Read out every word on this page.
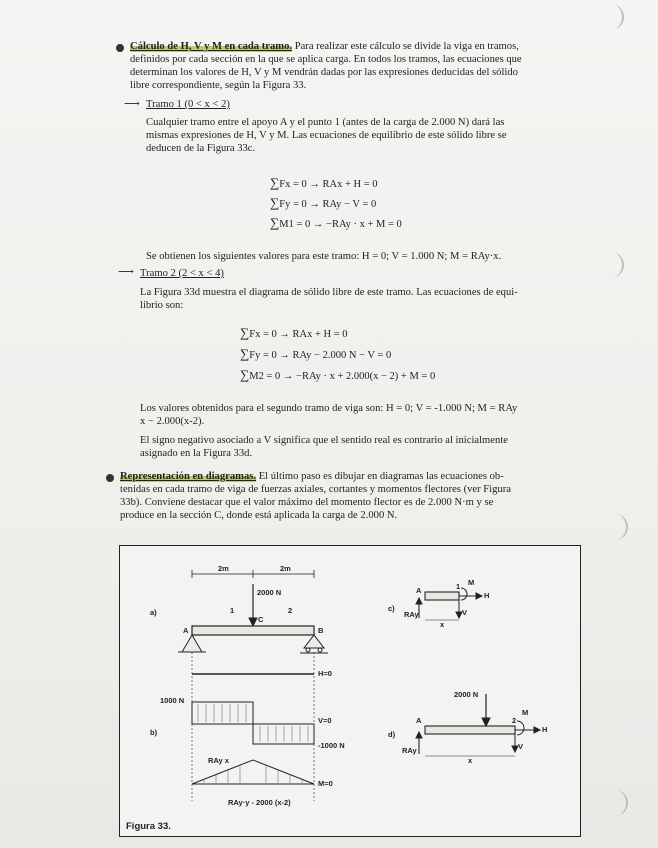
Cálculo de H, V y M en cada tramo. Para realizar este cálculo se divide la viga en tramos,
definidos por cada sección en la que se aplica carga. En todos los tramos, las ecuaciones que
determinan los valores de H, V y M vendrán dadas por las expresiones deducidas del sólido
libre correspondiente, según la Figura 33.
⟶ Tramo 1 (0 < x < 2)
Cualquier tramo entre el apoyo A y el punto 1 (antes de la carga de 2.000 N) dará las
mismas expresiones de H, V y M. Las ecuaciones de equilibrio de este sólido libre se
deducen de la Figura 33c.
∑Fx = 0 → RAx + H = 0
∑Fy = 0 → RAy − V = 0
∑M1 = 0 → −RAy · x + M = 0
Se obtienen los siguientes valores para este tramo: H = 0; V = 1.000 N; M = RAy·x.
⟶ Tramo 2 (2 < x < 4)
La Figura 33d muestra el diagrama de sólido libre de este tramo. Las ecuaciones de equi-
librio son:
∑Fx = 0 → RAx + H = 0
∑Fy = 0 → RAy − 2.000 N − V = 0
∑M2 = 0 → −RAy · x + 2.000(x − 2) + M = 0
Los valores obtenidos para el segundo tramo de viga son: H = 0; V = -1.000 N; M = RAy
x − 2.000(x-2).
El signo negativo asociado a V significa que el sentido real es contrario al inicialmente
asignado en la Figura 33d.
Representación en diagramas. El último paso es dibujar en diagramas las ecuaciones ob-
tenidas en cada tramo de viga de fuerzas axiales, cortantes y momentos flectores (ver Figura
33b). Conviene destacar que el valor máximo del momento flector es de 2.000 N·m y se
produce en la sección C, donde está aplicada la carga de 2.000 N.
a)
b)
c)
d)
2m	2m
2000 N
1	2
C
A	B
H=0
1000 N
V=0
-1000 N
RAy x
M=0
RAy·y - 2000 (x-2)
A	1 M
H
V
RAy
x
2000 N
A	2
M
H
V
RAy
x
Figura 33.
